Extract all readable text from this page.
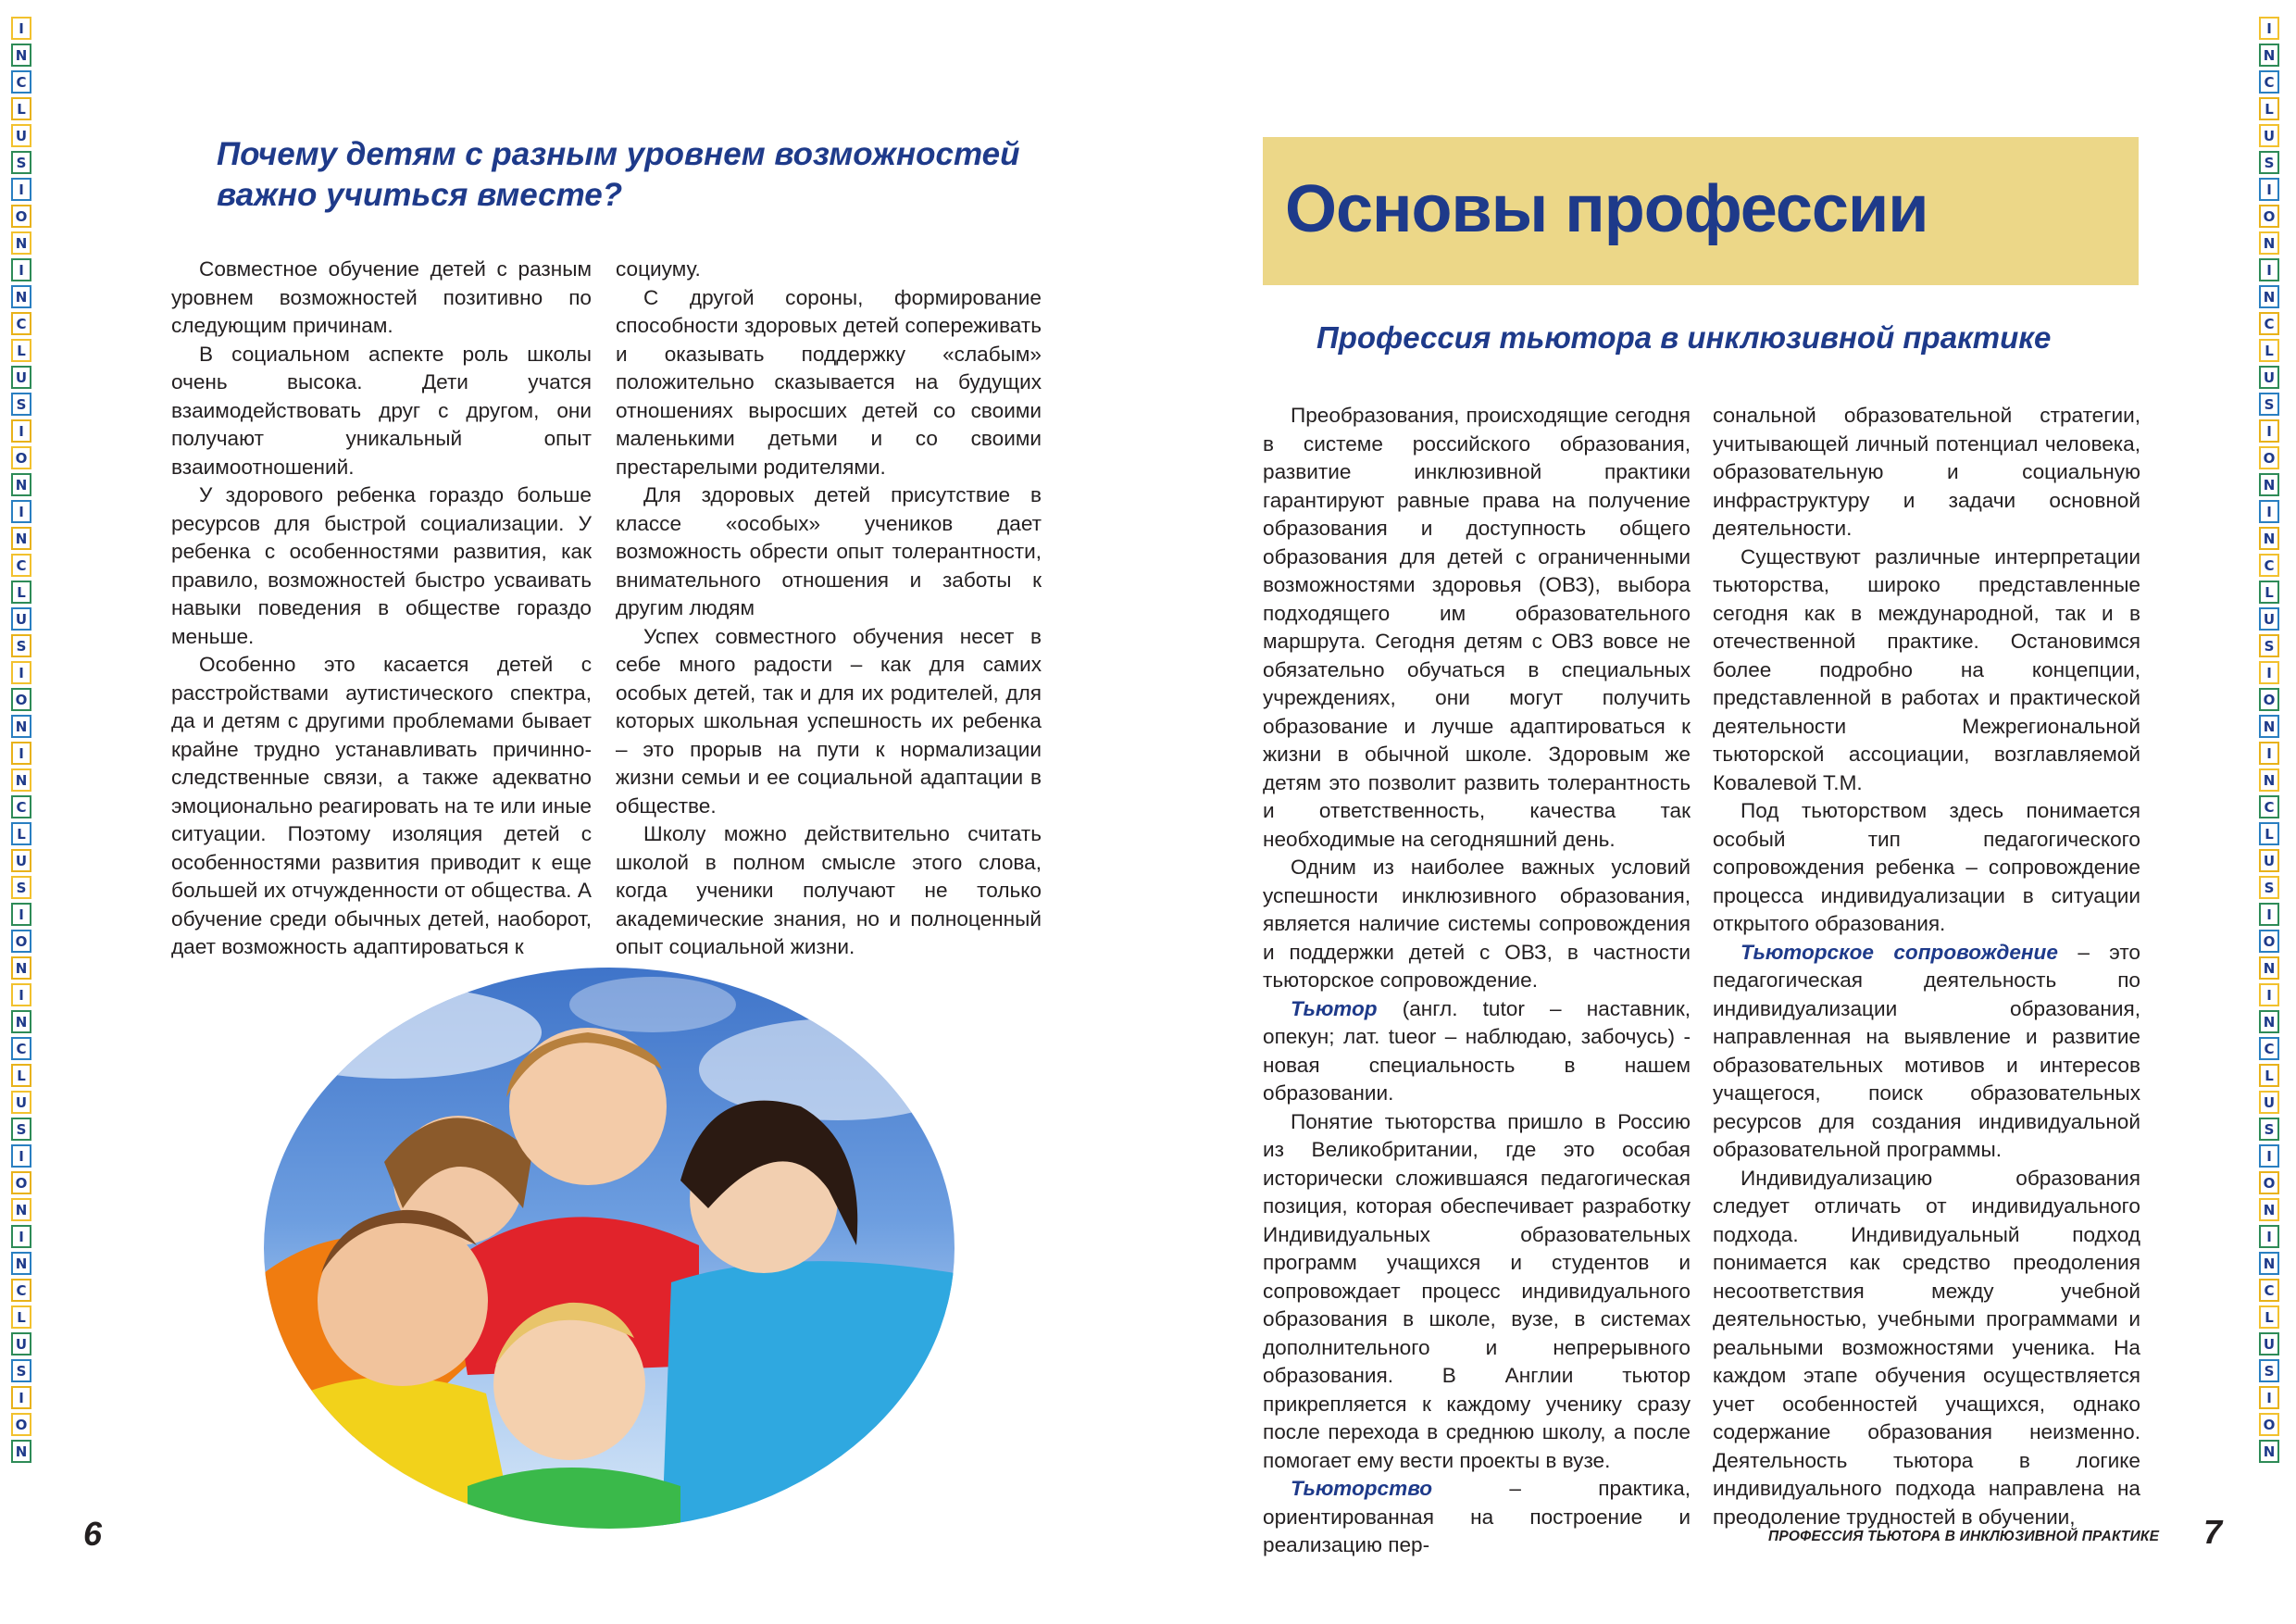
I
N
C
L
U
S
I
O
N
I
N
C
L
U
S
I
O
N
I
N
C
L
U
S
I
O
N
I
N
C
L
U
S
I
O
N
I
N
C
L
U
S
I
O
N
I
N
C
L
U
S
I
O
N
I
N
C
L
U
S
I
O
N
I
N
C
L
U
S
I
O
N
I
N
C
L
U
S
I
O
N
I
N
C
L
U
S
I
O
N
I
N
C
L
U
S
I
O
N
I
N
C
L
U
S
I
O
N
Почему детям с разным уровнем возможностей важно учиться вместе?

Совместное обучение детей с разным уровнем возможностей позитивно по следующим причинам.

В социальном аспекте роль школы очень высока. Дети учатся взаимодействовать друг с другом, они получают уникальный опыт взаимоотношений.

У здорового ребенка гораздо больше ресурсов для быстрой социализации. У ребенка с особенностями развития, как правило, возможностей быстро усваивать навыки поведения в обществе гораздо меньше.

Особенно это касается детей с расстройствами аутистического спектра, да и детям с другими проблемами бывает крайне трудно устанавливать причинно-следственные связи, а также адекватно эмоционально реагировать на те или иные ситуации. Поэтому изоляция детей с особенностями развития приводит к еще большей их отчужденности от общества. А обучение среди обычных детей, наоборот, дает возможность адаптироваться к

социуму.

С другой сороны, формирование способности здоровых детей сопереживать и оказывать поддержку «слабым» положительно сказывается на будущих отношениях выросших детей со своими маленькими детьми и со своими престарелыми родителями.

Для здоровых детей присутствие в классе «особых» учеников дает возможность обрести опыт толерантности, внимательного отношения и заботы к другим людям

Успех совместного обучения несет в себе много радости – как для самих особых детей, так и для их родителей, для которых школьная успешность их ребенка – это прорыв на пути к нормализации жизни семьи и ее социальной адаптации в обществе.

Школу можно действительно считать школой в полном смысле этого слова, когда ученики получают не только академические знания, но и полноценный опыт социальной жизни.

6
Основы профессии
Профессия тьютора в инклюзивной практике

Преобразования, происходящие сегодня в системе российского образования, развитие инклюзивной практики гарантируют равные права на получение образования и доступность общего образования для детей с ограниченными возможностями здоровья (ОВЗ), выбора подходящего им образовательного маршрута. Сегодня детям с ОВЗ вовсе не обязательно обучаться в специальных учреждениях, они могут получить образование и лучше адаптироваться к жизни в обычной школе. Здоровым же детям это позволит развить толерантность и ответственность, качества так необходимые на сегодняшний день.

Одним из наиболее важных условий успешности инклюзивного образования, является наличие системы сопровождения и поддержки детей с ОВЗ, в частности тьюторское сопровождение.

Тьютор (англ. tutor – наставник, опекун; лат. tueor – наблюдаю, забочусь) - новая специальность в нашем образовании.

Понятие тьюторства пришло в Россию из Великобритании, где это особая исторически сложившаяся педагогическая позиция, которая обеспечивает разработку Индивидуальных образовательных программ учащихся и студентов и сопровождает процесс индивидуального образования в школе, вузе, в системах дополнительного и непрерывного образования. В Англии тьютор прикрепляется к каждому ученику сразу после перехода в среднюю школу, а после помогает ему вести проекты в вузе.

Тьюторство – практика, ориентированная на построение и реализацию пер-

сональной образовательной стратегии, учитывающей личный потенциал человека, образовательную и социальную инфраструктуру и задачи основной деятельности.

Существуют различные интерпретации тьюторства, широко представленные сегодня как в международной, так и в отечественной практике. Остановимся более подробно на концепции, представленной в работах и практической деятельности Межрегиональной тьюторской ассоциации, возглавляемой Ковалевой Т.М.

Под тьюторством здесь понимается особый тип педагогического сопровождения ребенка – сопровождение процесса индивидуализации в ситуации открытого образования.

Тьюторское сопровождение – это педагогическая деятельность по индивидуализации образования, направленная на выявление и развитие образовательных мотивов и интересов учащегося, поиск образовательных ресурсов для создания индивидуальной образовательной программы.

Индивидуализацию образования следует отличать от индивидуального подхода. Индивидуальный подход понимается как средство преодоления несоответствия между учебной деятельностью, учебными программами и реальными возможностями ученика. На каждом этапе обучения осуществляется учет особенностей учащихся, однако содержание образования неизменно. Деятельность тьютора в логике индивидуального подхода направлена на преодоление трудностей в обучении,

ПРОФЕССИЯ ТЬЮТОРА В ИНКЛЮЗИВНОЙ ПРАКТИКЕ 7
